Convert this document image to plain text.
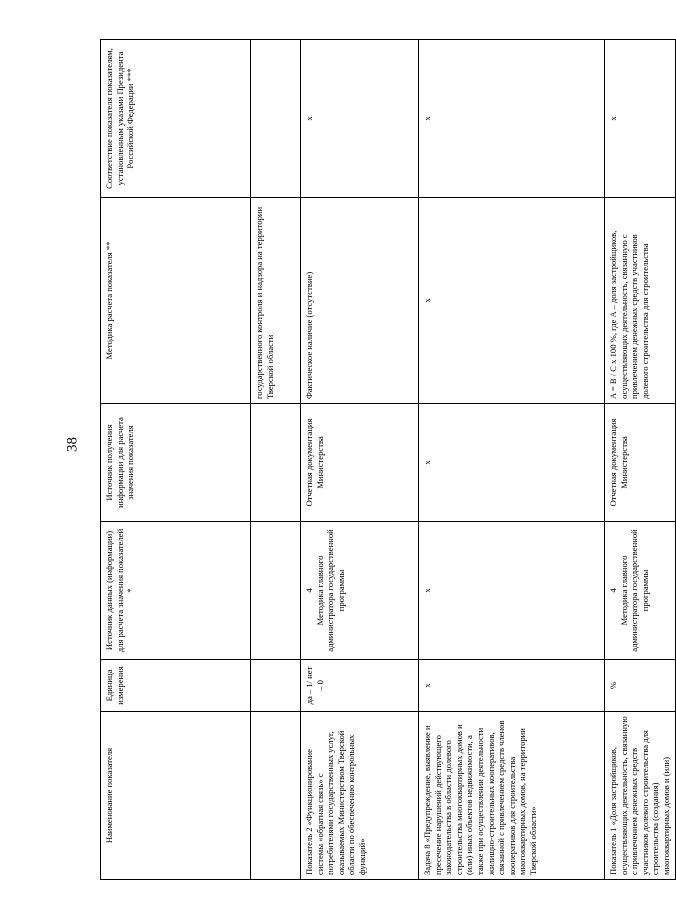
38
Наименование показателя	Единица измерения	Источник данных (информации) для расчета значения показателей *	Источник получения информации для расчета значения показателя	Методика расчета показателя **	Соответствие показателя показателям, установленным указами Президента Российской Федерации ***
				государственного контроля и надзора на территории Тверской области	
Показатель 2 «Функционирование системы «обратная связь» с потребителями государственных услуг, оказываемых Министерством Тверской области по обеспечению контрольных функций»	да – 1/ нет – 0	4 Методика главного администратора государственной программы	Отчетная документация Министерства	Фактическое наличие (отсутствие)	x
Задача 8 «Предупреждение, выявление и пресечение нарушений действующего законодательства в области долевого строительства многоквартирных домов и (или) иных объектов недвижимости, а также при осуществлении деятельности жилищно-строительных кооперативов, связанной с привлечением средств членов кооперативов для строительства многоквартирных домов, на территории Тверской области»	x	x	x	x	x
Показатель 1 «Доля застройщиков, осуществляющих деятельность, связанную с привлечением денежных средств участников долевого строительства для строительства (создания) многоквартирных домов и (или)	%	4 Методика главного администратора государственной программы	Отчетная документация Министерства	A = B / C x 100 %, где A – доля застройщиков, осуществляющих деятельность, связанную с привлечением денежных средств участников долевого строительства для строительства	x
